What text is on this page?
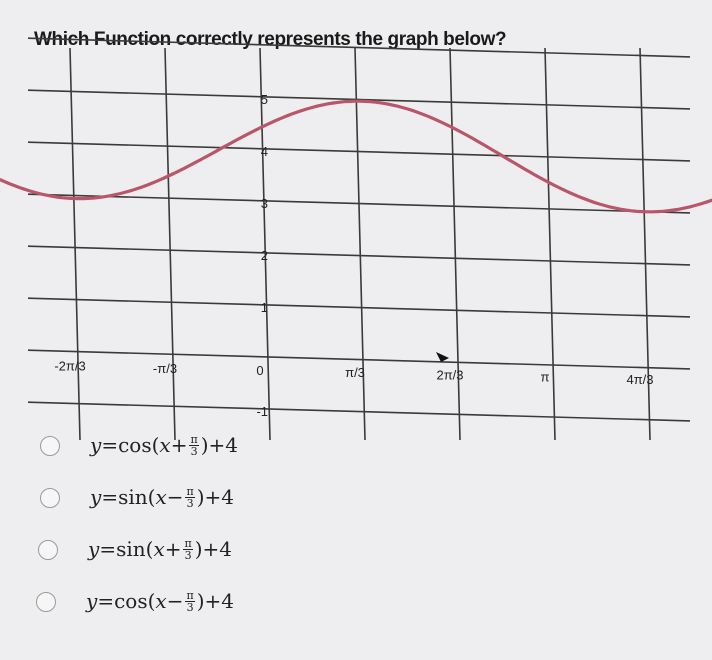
Which Function correctly represents the graph below?
5
4
3
2
1
-1
-2π/3	-π/3	0	π/3	2π/3	π	4π/3
y = cos ( $x + \frac{\pi}{3}$ ) + 4
y = sin ( $x - \frac{\pi}{3}$ ) + 4
y = sin ( $x + \frac{\pi}{3}$ ) + 4
y = cos ( $x - \frac{\pi}{3}$ ) + 4
